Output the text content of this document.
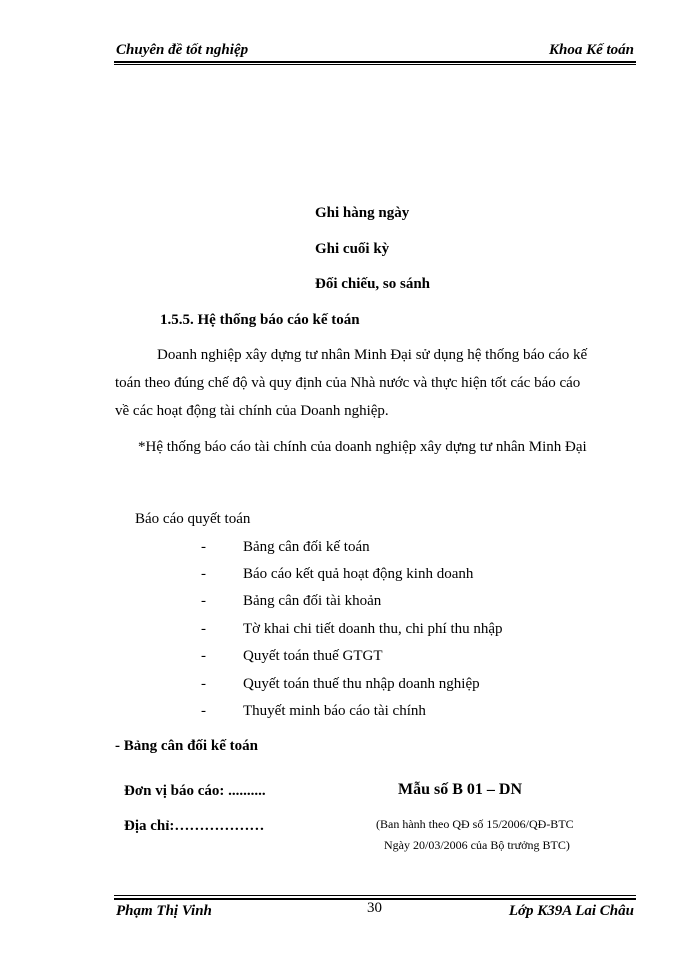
Chuyên đề tốt nghiệp	Khoa Kế toán
Ghi hàng ngày
Ghi cuối kỳ
Đối chiếu, so sánh
1.5.5. Hệ thống báo cáo kế toán
Doanh nghiệp xây dựng tư nhân Minh Đại sử dụng hệ thống báo cáo kế
toán theo đúng chế độ và quy định của Nhà nước và thực hiện tốt các báo cáo
về các hoạt động tài chính của Doanh nghiệp.
*Hệ thống báo cáo tài chính của doanh nghiệp xây dựng tư nhân Minh Đại
Báo cáo quyết toán
- Bảng cân đối kế toán
- Báo cáo kết quả hoạt động kinh doanh
- Bảng cân đối tài khoản
- Tờ khai chi tiết doanh thu, chi phí thu nhập
- Quyết toán thuế GTGT
- Quyết toán thuế thu nhập doanh nghiệp
- Thuyết minh báo cáo tài chính
- Bảng cân đối kế toán
Đơn vị báo cáo: ..........	Mẫu số B 01 – DN
Địa chỉ:………………	(Ban hành theo QĐ số 15/2006/QĐ-BTC
Ngày 20/03/2006 của Bộ trưởng BTC)
Phạm Thị Vinh	30	Lớp K39A Lai Châu
